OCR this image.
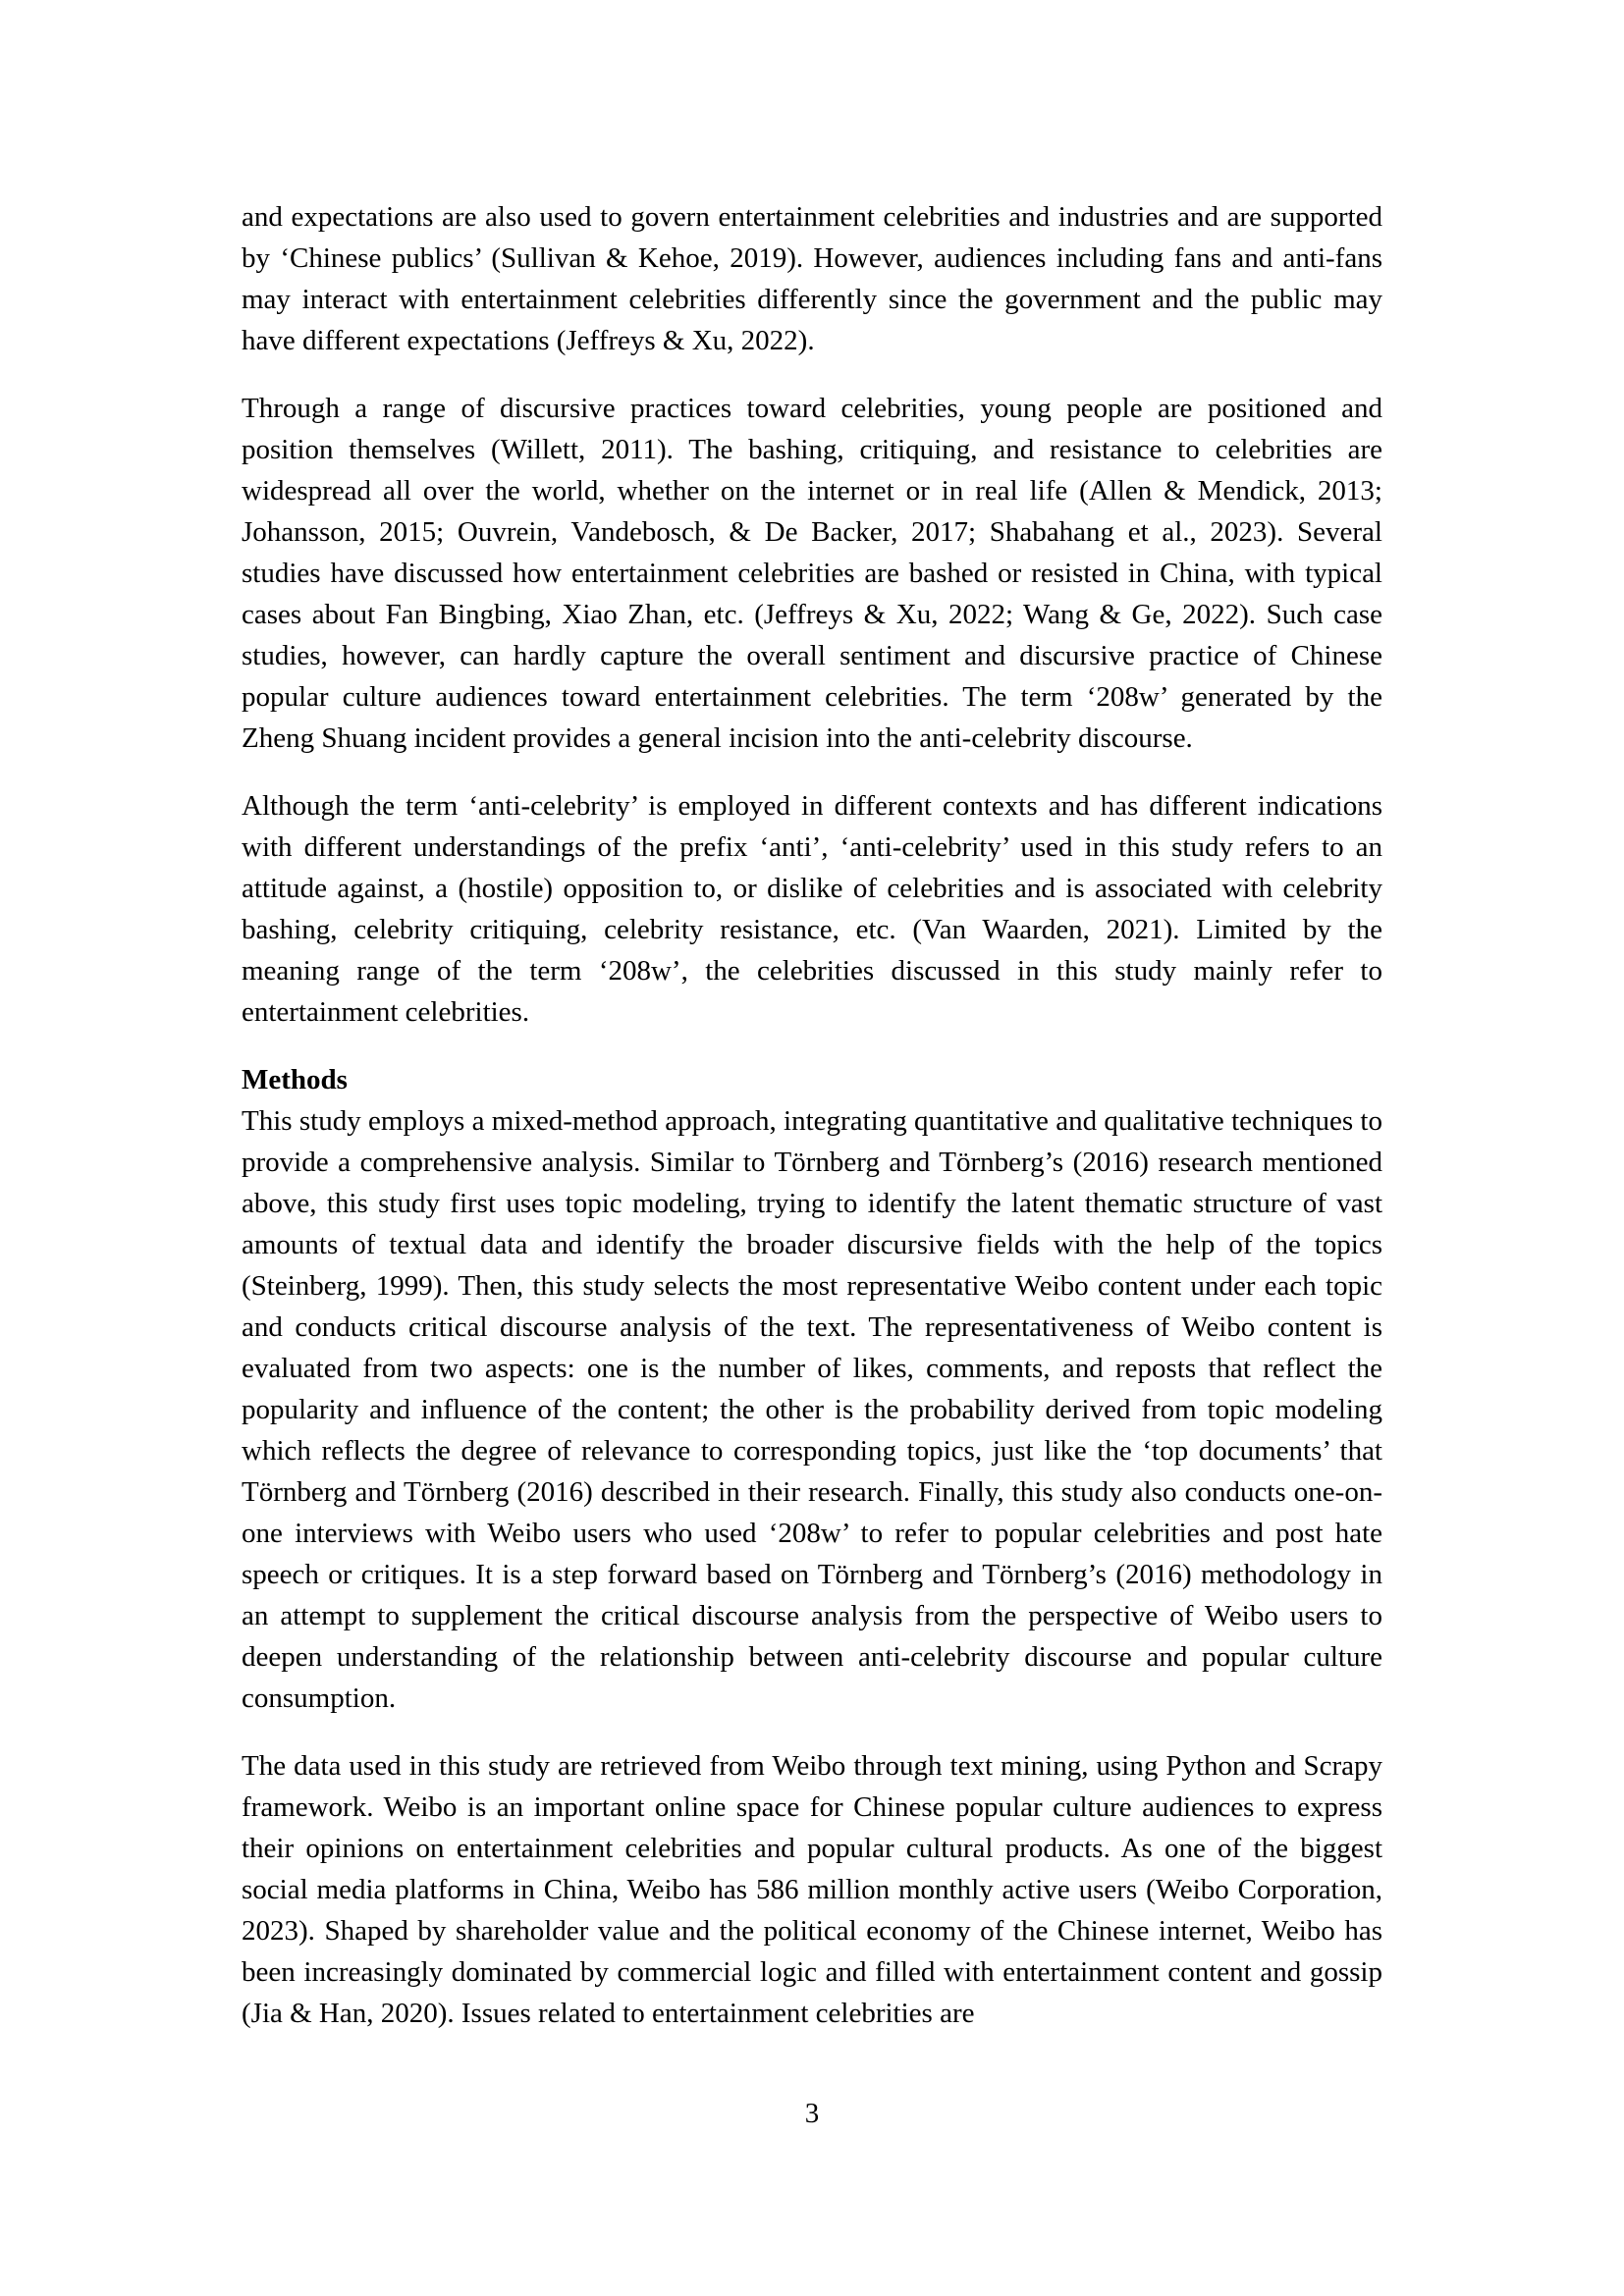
and expectations are also used to govern entertainment celebrities and industries and are supported by ‘Chinese publics’ (Sullivan & Kehoe, 2019). However, audiences including fans and anti-fans may interact with entertainment celebrities differently since the government and the public may have different expectations (Jeffreys & Xu, 2022).

Through a range of discursive practices toward celebrities, young people are positioned and position themselves (Willett, 2011). The bashing, critiquing, and resistance to celebrities are widespread all over the world, whether on the internet or in real life (Allen & Mendick, 2013; Johansson, 2015; Ouvrein, Vandebosch, & De Backer, 2017; Shabahang et al., 2023). Several studies have discussed how entertainment celebrities are bashed or resisted in China, with typical cases about Fan Bingbing, Xiao Zhan, etc. (Jeffreys & Xu, 2022; Wang & Ge, 2022). Such case studies, however, can hardly capture the overall sentiment and discursive practice of Chinese popular culture audiences toward entertainment celebrities. The term ‘208w’ generated by the Zheng Shuang incident provides a general incision into the anti-celebrity discourse.

Although the term ‘anti-celebrity’ is employed in different contexts and has different indications with different understandings of the prefix ‘anti’, ‘anti-celebrity’ used in this study refers to an attitude against, a (hostile) opposition to, or dislike of celebrities and is associated with celebrity bashing, celebrity critiquing, celebrity resistance, etc. (Van Waarden, 2021). Limited by the meaning range of the term ‘208w’, the celebrities discussed in this study mainly refer to entertainment celebrities.

Methods

This study employs a mixed-method approach, integrating quantitative and qualitative techniques to provide a comprehensive analysis. Similar to Törnberg and Törnberg’s (2016) research mentioned above, this study first uses topic modeling, trying to identify the latent thematic structure of vast amounts of textual data and identify the broader discursive fields with the help of the topics (Steinberg, 1999). Then, this study selects the most representative Weibo content under each topic and conducts critical discourse analysis of the text. The representativeness of Weibo content is evaluated from two aspects: one is the number of likes, comments, and reposts that reflect the popularity and influence of the content; the other is the probability derived from topic modeling which reflects the degree of relevance to corresponding topics, just like the ‘top documents’ that Törnberg and Törnberg (2016) described in their research. Finally, this study also conducts one-on-one interviews with Weibo users who used ‘208w’ to refer to popular celebrities and post hate speech or critiques. It is a step forward based on Törnberg and Törnberg’s (2016) methodology in an attempt to supplement the critical discourse analysis from the perspective of Weibo users to deepen understanding of the relationship between anti-celebrity discourse and popular culture consumption.

The data used in this study are retrieved from Weibo through text mining, using Python and Scrapy framework. Weibo is an important online space for Chinese popular culture audiences to express their opinions on entertainment celebrities and popular cultural products. As one of the biggest social media platforms in China, Weibo has 586 million monthly active users (Weibo Corporation, 2023). Shaped by shareholder value and the political economy of the Chinese internet, Weibo has been increasingly dominated by commercial logic and filled with entertainment content and gossip (Jia & Han, 2020). Issues related to entertainment celebrities are

3
